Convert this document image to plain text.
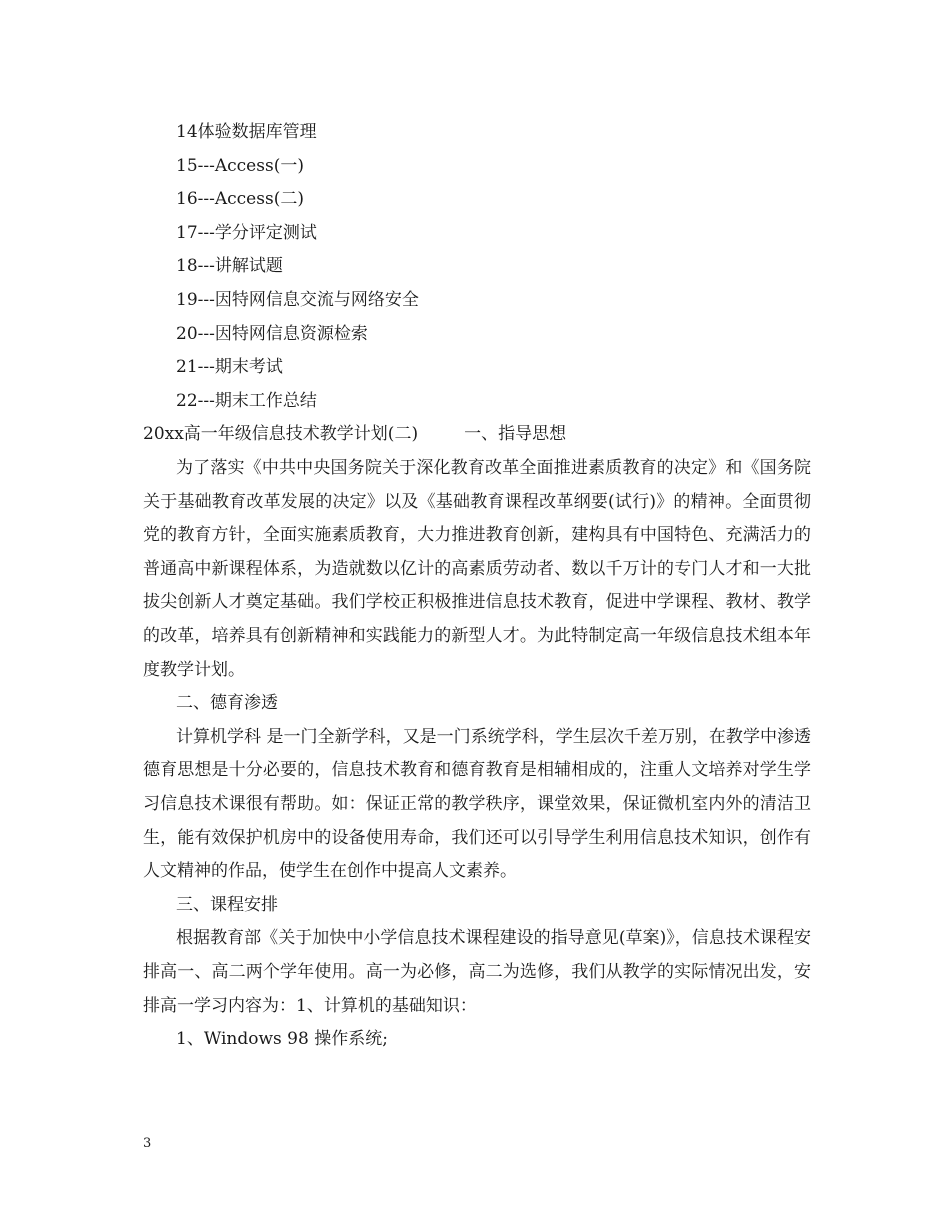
14体验数据库管理
15---Access(一)
16---Access(二)
17---学分评定测试
18---讲解试题
19---因特网信息交流与网络安全
20---因特网信息资源检索
21---期末考试
22---期末工作总结
20xx高一年级信息技术教学计划(二)	一、指导思想

为了落实《中共中央国务院关于深化教育改革全面推进素质教育的决定》和《国务院关于基础教育改革发展的决定》以及《基础教育课程改革纲要(试行)》的精神。全面贯彻党的教育方针，全面实施素质教育，大力推进教育创新，建构具有中国特色、充满活力的普通高中新课程体系，为造就数以亿计的高素质劳动者、数以千万计的专门人才和一大批拔尖创新人才奠定基础。我们学校正积极推进信息技术教育，促进中学课程、教材、教学的改革，培养具有创新精神和实践能力的新型人才。为此特制定高一年级信息技术组本年度教学计划。

二、德育渗透

计算机学科 是一门全新学科，又是一门系统学科，学生层次千差万别，在教学中渗透德育思想是十分必要的，信息技术教育和德育教育是相辅相成的，注重人文培养对学生学习信息技术课很有帮助。如：保证正常的教学秩序，课堂效果，保证微机室内外的清洁卫生，能有效保护机房中的设备使用寿命，我们还可以引导学生利用信息技术知识，创作有人文精神的作品，使学生在创作中提高人文素养。

三、课程安排

根据教育部《关于加快中小学信息技术课程建设的指导意见(草案)》，信息技术课程安排高一、高二两个学年使用。高一为必修，高二为选修，我们从教学的实际情况出发，安排高一学习内容为：1、计算机的基础知识：

1、Windows 98 操作系统;

3
